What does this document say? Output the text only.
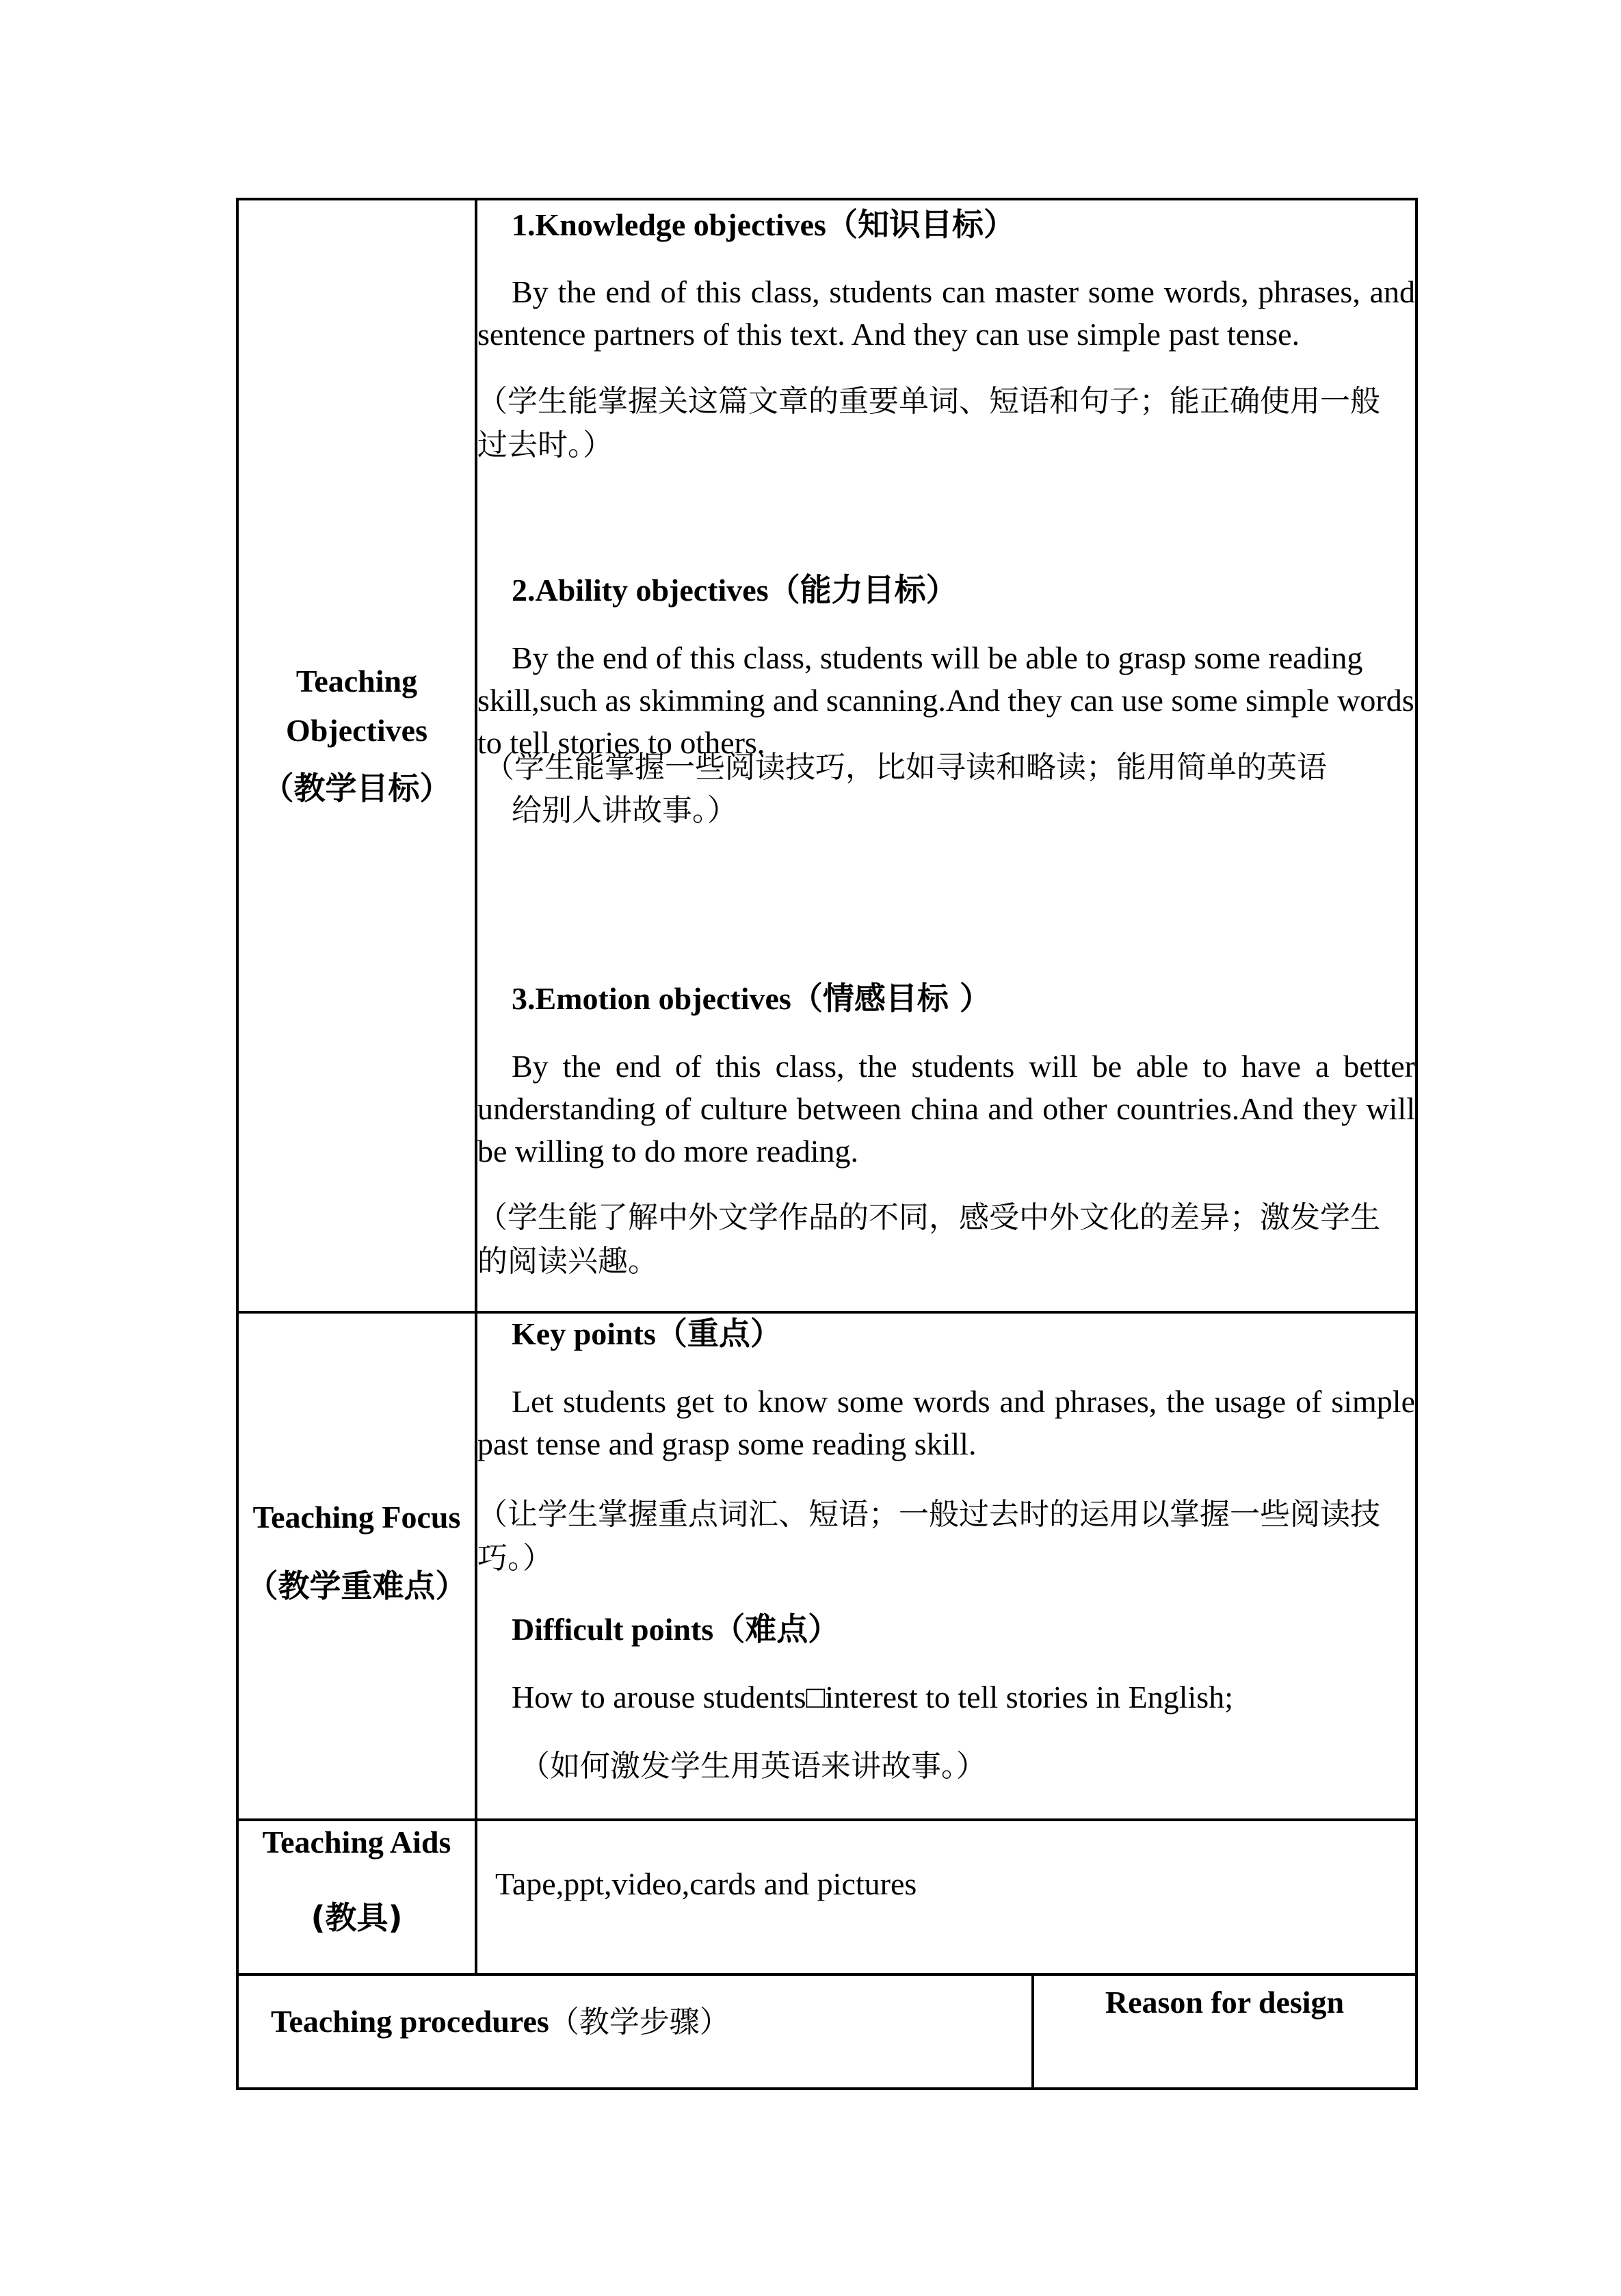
Teaching
Objectives
（教学目标）
1.Knowledge objectives（知识目标）
By the end of this class, students can master some words, phrases, and sentence partners of this text. And they can use simple past tense.
（学生能掌握关这篇文章的重要单词、短语和句子；能正确使用一般过去时。）
2.Ability objectives（能力目标）
By the end of this class, students will be able to grasp some reading skill,such as skimming and scanning.And they can use some simple words to tell stories to others.
（学生能掌握一些阅读技巧，比如寻读和略读；能用简单的英语
给别人讲故事。）
3.Emotion objectives（情感目标 ）
By the end of this class, the students will be able to have a better understanding of culture between china and other countries.And they will be willing to do more reading.
（学生能了解中外文学作品的不同，感受中外文化的差异；激发学生的阅读兴趣。
Teaching Focus
（教学重难点）
Key points（重点）
Let students get to know some words and phrases, the usage of simple past tense and grasp some reading skill.
（让学生掌握重点词汇、短语；一般过去时的运用以掌握一些阅读技巧。）
Difficult points（难点）
How to arouse students□interest to tell stories in English;
（如何激发学生用英语来讲故事。）
Teaching Aids
(教具)
Tape,ppt,video,cards and pictures
Teaching procedures（教学步骤）
Reason for design
